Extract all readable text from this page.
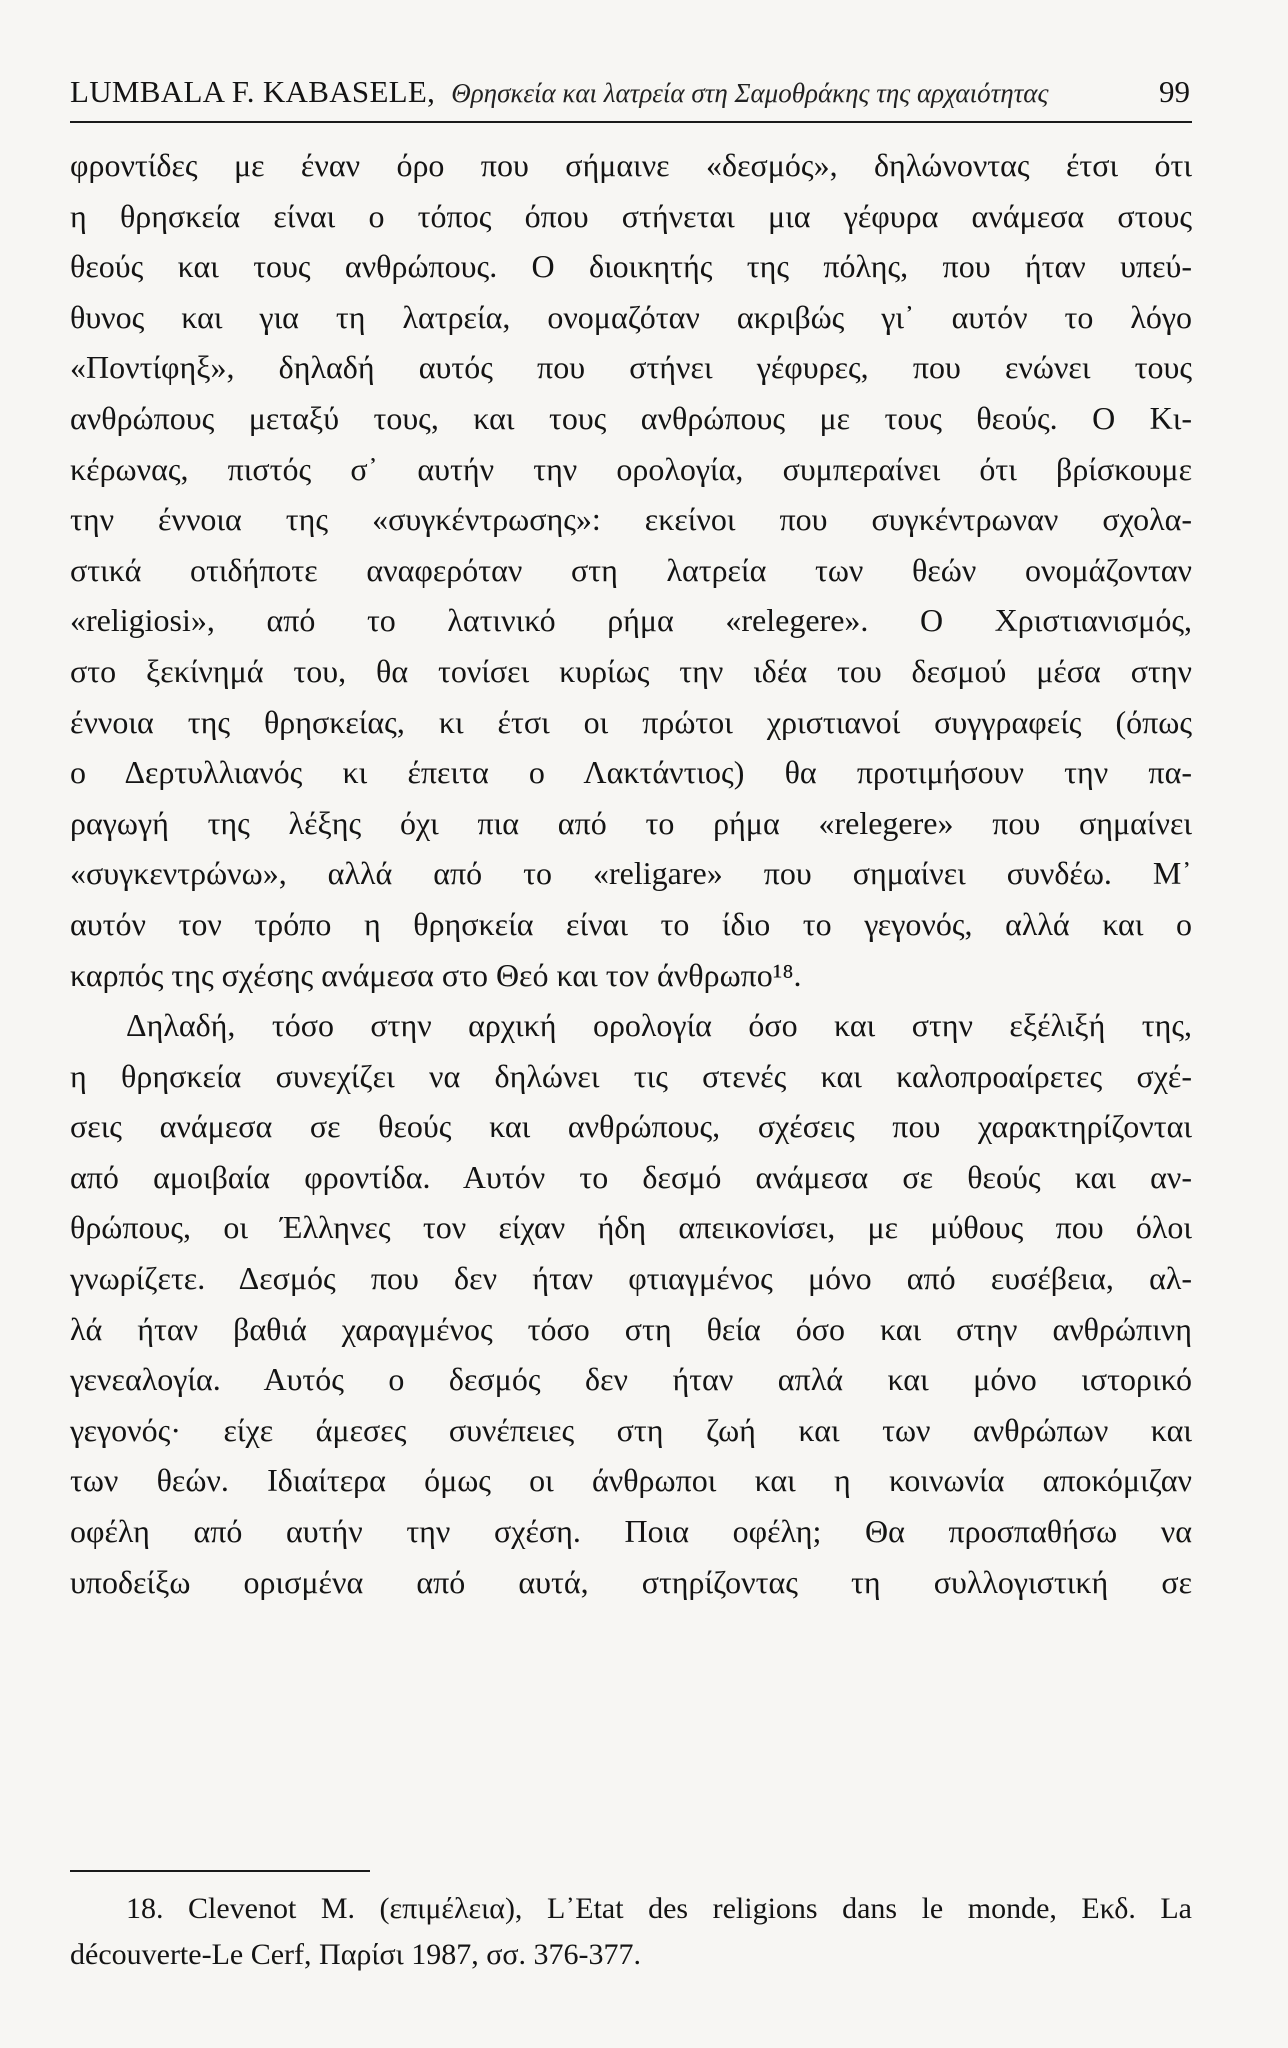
LUMBALA F. KABASELE, Θρησκεία και λατρεία στη Σαμοθράκης της αρχαιότητας	99
φροντίδες με έναν όρο που σήμαινε «δεσμός», δηλώνοντας έτσι ότι
η θρησκεία είναι ο τόπος όπου στήνεται μια γέφυρα ανάμεσα στους
θεούς και τους ανθρώπους. Ο διοικητής της πόλης, που ήταν υπεύ-
θυνος και για τη λατρεία, ονομαζόταν ακριβώς γι᾽ αυτόν το λόγο
«Ποντίφηξ», δηλαδή αυτός που στήνει γέφυρες, που ενώνει τους
ανθρώπους μεταξύ τους, και τους ανθρώπους με τους θεούς. Ο Κι-
κέρωνας, πιστός σ᾽ αυτήν την ορολογία, συμπεραίνει ότι βρίσκουμε
την έννοια της «συγκέντρωσης»: εκείνοι που συγκέντρωναν σχολα-
στικά οτιδήποτε αναφερόταν στη λατρεία των θεών ονομάζονταν
«religiosi», από το λατινικό ρήμα «relegere». Ο Χριστιανισμός,
στο ξεκίνημά του, θα τονίσει κυρίως την ιδέα του δεσμού μέσα στην
έννοια της θρησκείας, κι έτσι οι πρώτοι χριστιανοί συγγραφείς (όπως
ο Δερτυλλιανός κι έπειτα ο Λακτάντιος) θα προτιμήσουν την πα-
ραγωγή της λέξης όχι πια από το ρήμα «relegere» που σημαίνει
«συγκεντρώνω», αλλά από το «religare» που σημαίνει συνδέω. Μ᾽
αυτόν τον τρόπο η θρησκεία είναι το ίδιο το γεγονός, αλλά και ο
καρπός της σχέσης ανάμεσα στο Θεό και τον άνθρωπο¹⁸.
Δηλαδή, τόσο στην αρχική ορολογία όσο και στην εξέλιξή της,
η θρησκεία συνεχίζει να δηλώνει τις στενές και καλοπροαίρετες σχέ-
σεις ανάμεσα σε θεούς και ανθρώπους, σχέσεις που χαρακτηρίζονται
από αμοιβαία φροντίδα. Αυτόν το δεσμό ανάμεσα σε θεούς και αν-
θρώπους, οι Έλληνες τον είχαν ήδη απεικονίσει, με μύθους που όλοι
γνωρίζετε. Δεσμός που δεν ήταν φτιαγμένος μόνο από ευσέβεια, αλ-
λά ήταν βαθιά χαραγμένος τόσο στη θεία όσο και στην ανθρώπινη
γενεαλογία. Αυτός ο δεσμός δεν ήταν απλά και μόνο ιστορικό
γεγονός· είχε άμεσες συνέπειες στη ζωή και των ανθρώπων και
των θεών. Ιδιαίτερα όμως οι άνθρωποι και η κοινωνία αποκόμιζαν
οφέλη από αυτήν την σχέση. Ποια οφέλη; Θα προσπαθήσω να
υποδείξω ορισμένα από αυτά, στηρίζοντας τη συλλογιστική σε
18. Clevenot M. (επιμέλεια), L᾽Etat des religions dans le monde, Εκδ. La
découverte-Le Cerf, Παρίσι 1987, σσ. 376-377.
